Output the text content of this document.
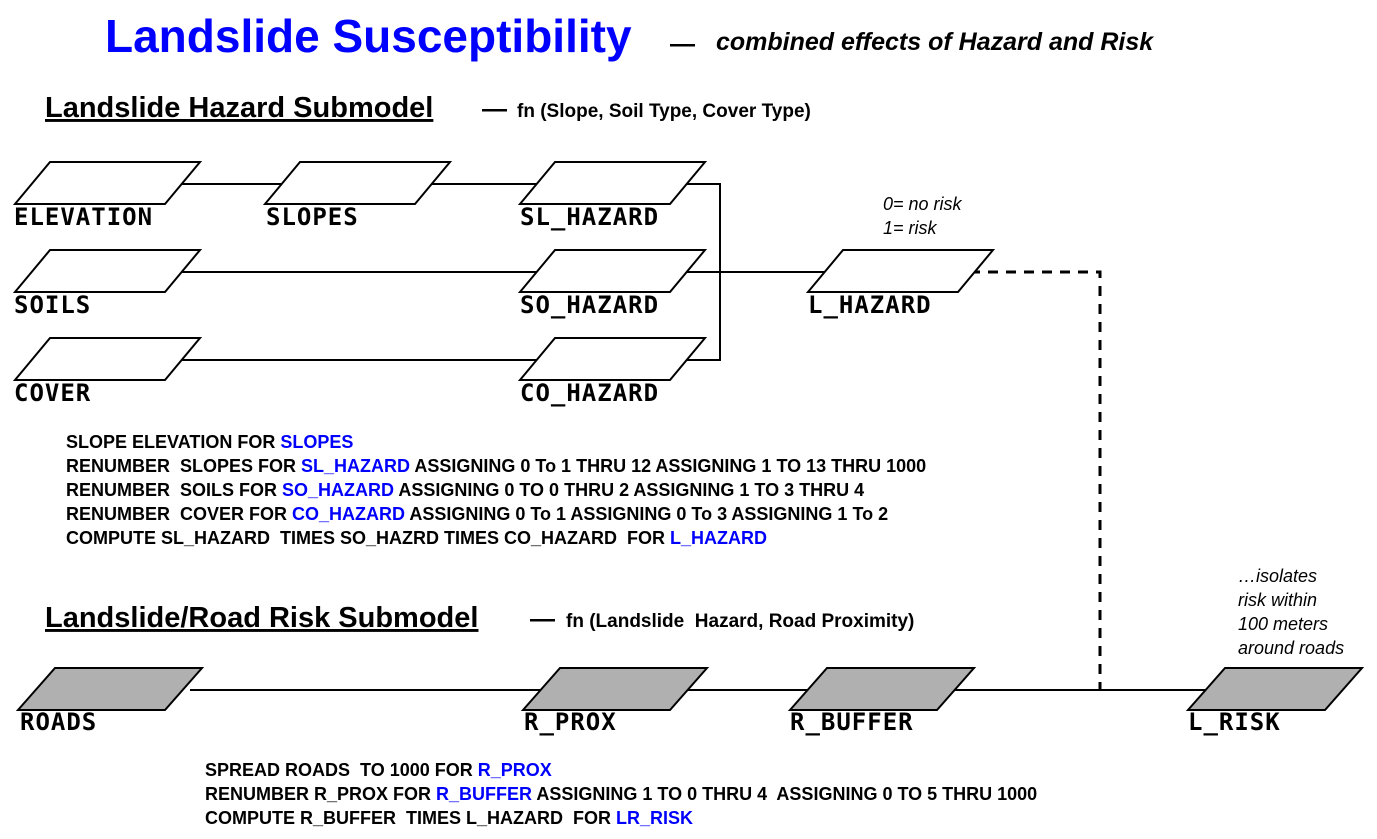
Landslide Susceptibility — combined effects of Hazard and Risk
Landslide Hazard Submodel — fn (Slope, Soil Type, Cover Type)
ELEVATION	SLOPES	SL_HAZARD
SOILS	SO_HAZARD
COVER	CO_HAZARD
L_HAZARD
0= no risk
1= risk
SLOPE ELEVATION FOR SLOPES
RENUMBER  SLOPES FOR SL_HAZARD ASSIGNING 0 To 1 THRU 12 ASSIGNING 1 TO 13 THRU 1000
RENUMBER  SOILS FOR SO_HAZARD ASSIGNING 0 TO 0 THRU 2 ASSIGNING 1 TO 3 THRU 4
RENUMBER  COVER FOR CO_HAZARD ASSIGNING 0 To 1 ASSIGNING 0 To 3 ASSIGNING 1 To 2
COMPUTE SL_HAZARD  TIMES SO_HAZRD TIMES CO_HAZARD  FOR L_HAZARD
Landslide/Road Risk Submodel — fn (Landslide  Hazard, Road Proximity)
…isolates
risk within
100 meters
around roads
ROADS	R_PROX	R_BUFFER	L_RISK
SPREAD ROADS  TO 1000 FOR R_PROX
RENUMBER R_PROX FOR R_BUFFER ASSIGNING 1 TO 0 THRU 4  ASSIGNING 0 TO 5 THRU 1000
COMPUTE R_BUFFER  TIMES L_HAZARD  FOR LR_RISK
